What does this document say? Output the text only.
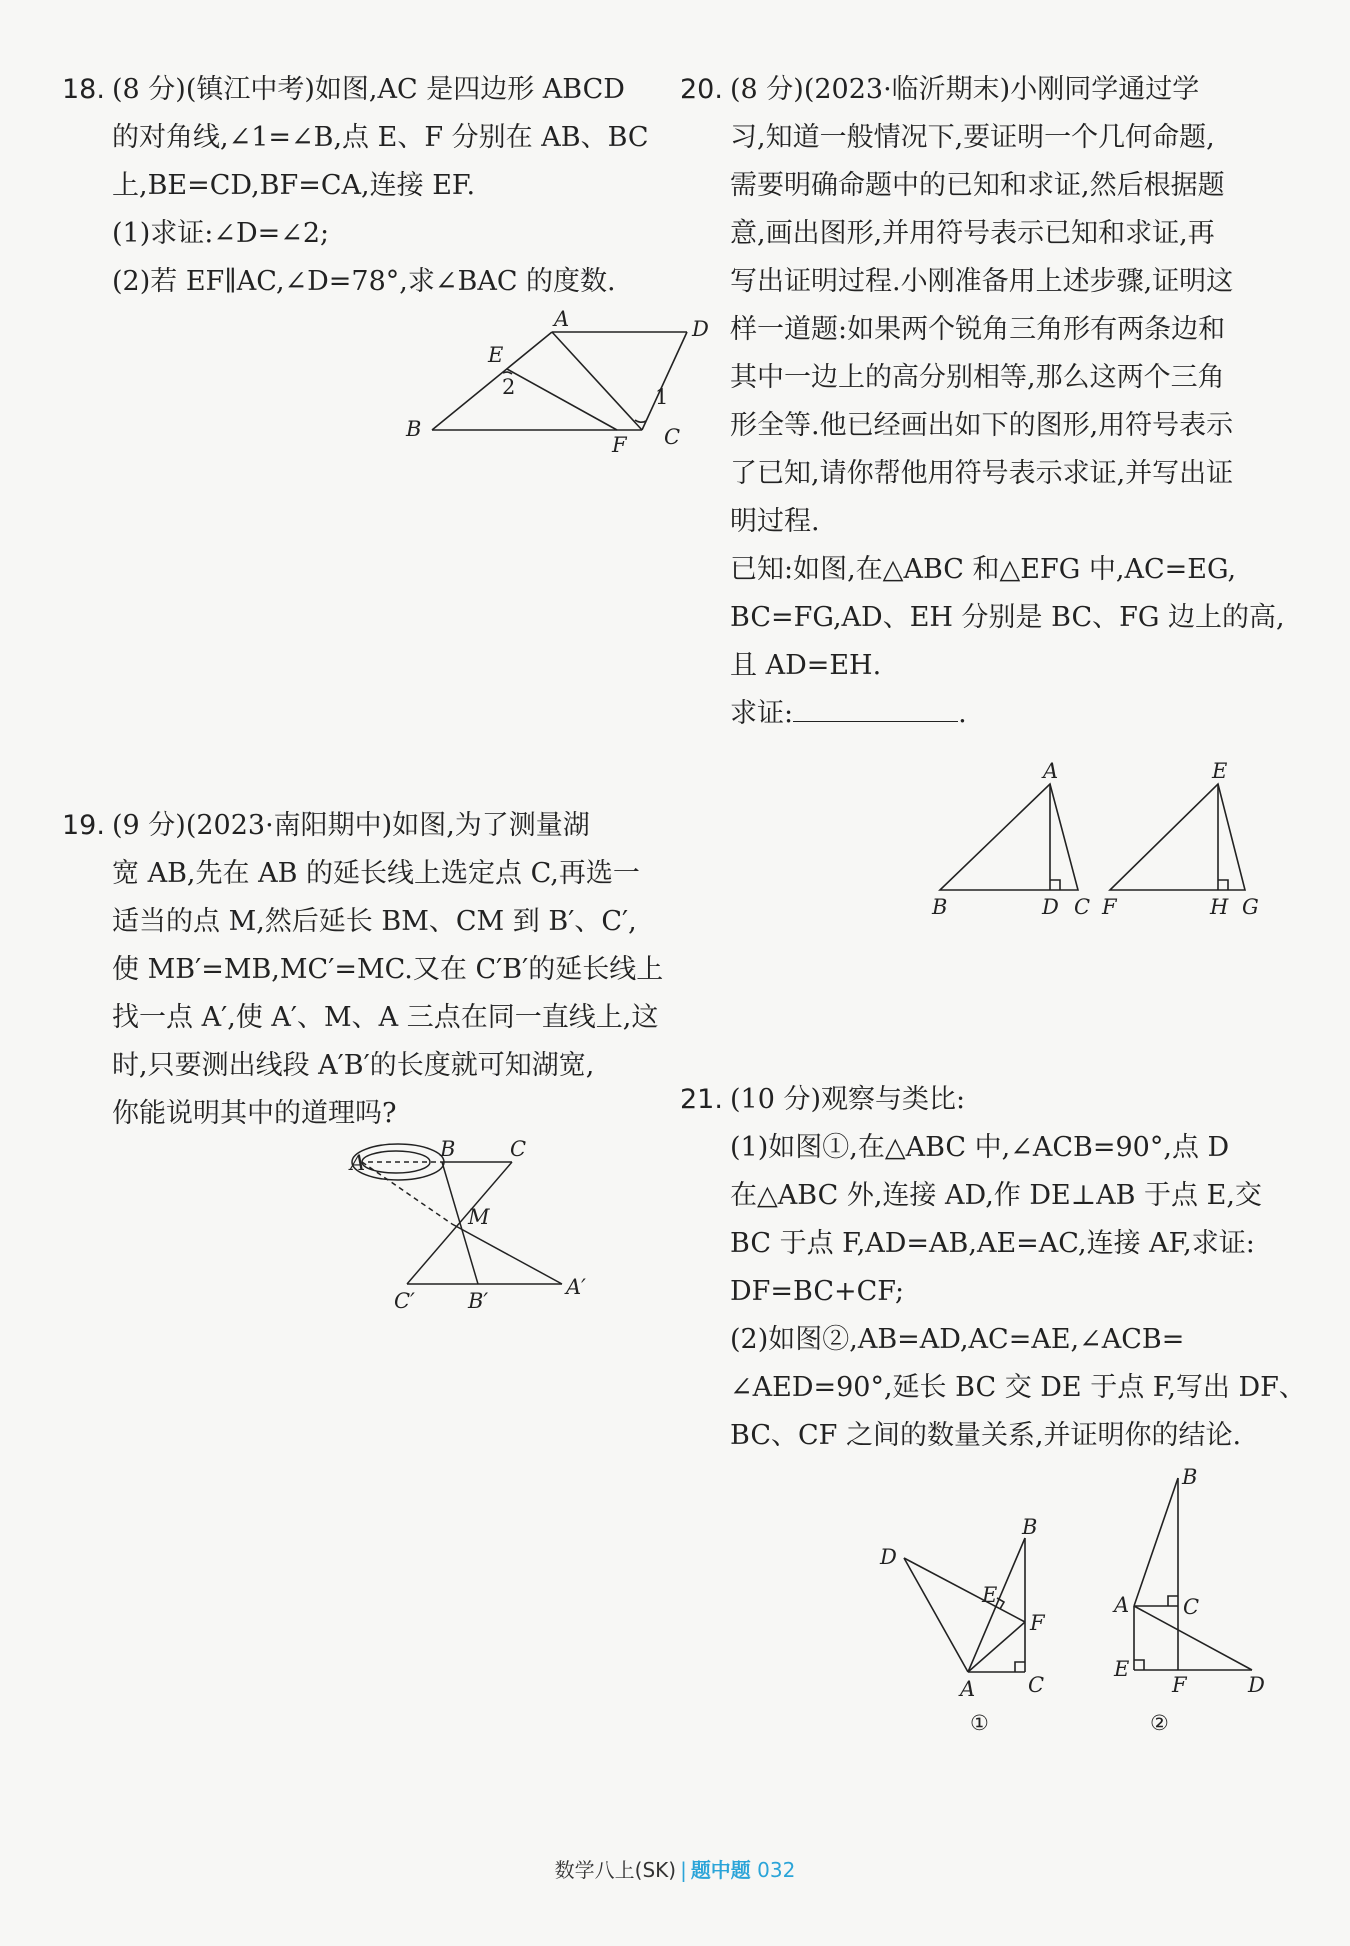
18. (8 分)(镇江中考)如图,AC 是四边形 ABCD
的对角线,∠1=∠B,点 E、F 分别在 AB、BC
上,BE=CD,BF=CA,连接 EF.
(1)求证:∠D=∠2;
(2)若 EF∥AC,∠D=78°,求∠BAC 的度数.
B
A	D
E
F C
2	1
19. (9 分)(2023·南阳期中)如图,为了测量湖
宽 AB,先在 AB 的延长线上选定点 C,再选一
适当的点 M,然后延长 BM、CM 到 B′、C′,
使 MB′=MB,MC′=MC.又在 C′B′的延长线上
找一点 A′,使 A′、M、A 三点在同一直线上,这
时,只要测出线段 A′B′的长度就可知湖宽,
你能说明其中的道理吗?
A
B	C
M
C′	B′
A′
20. (8 分)(2023·临沂期末)小刚同学通过学
习,知道一般情况下,要证明一个几何命题,
需要明确命题中的已知和求证,然后根据题
意,画出图形,并用符号表示已知和求证,再
写出证明过程.小刚准备用上述步骤,证明这
样一道题:如果两个锐角三角形有两条边和
其中一边上的高分别相等,那么这两个三角
形全等.他已经画出如下的图形,用符号表示
了已知,请你帮他用符号表示求证,并写出证
明过程.
已知:如图,在△ABC 和△EFG 中,AC=EG,
BC=FG,AD、EH 分别是 BC、FG 边上的高,
且 AD=EH.
求证:	.
A
B	D C
E
F	H G
21. (10 分)观察与类比:
(1)如图①,在△ABC 中,∠ACB=90°,点 D
在△ABC 外,连接 AD,作 DE⊥AB 于点 E,交
BC 于点 F,AD=AB,AE=AC,连接 AF,求证:
DF=BC+CF;
(2)如图②,AB=AD,AC=AE,∠ACB=
∠AED=90°,延长 BC 交 DE 于点 F,写出 DF、
BC、CF 之间的数量关系,并证明你的结论.
D
B
E
F
A	C
①
B
A	C
E
F	D
②
数学八上(SK) | 题中题 032
